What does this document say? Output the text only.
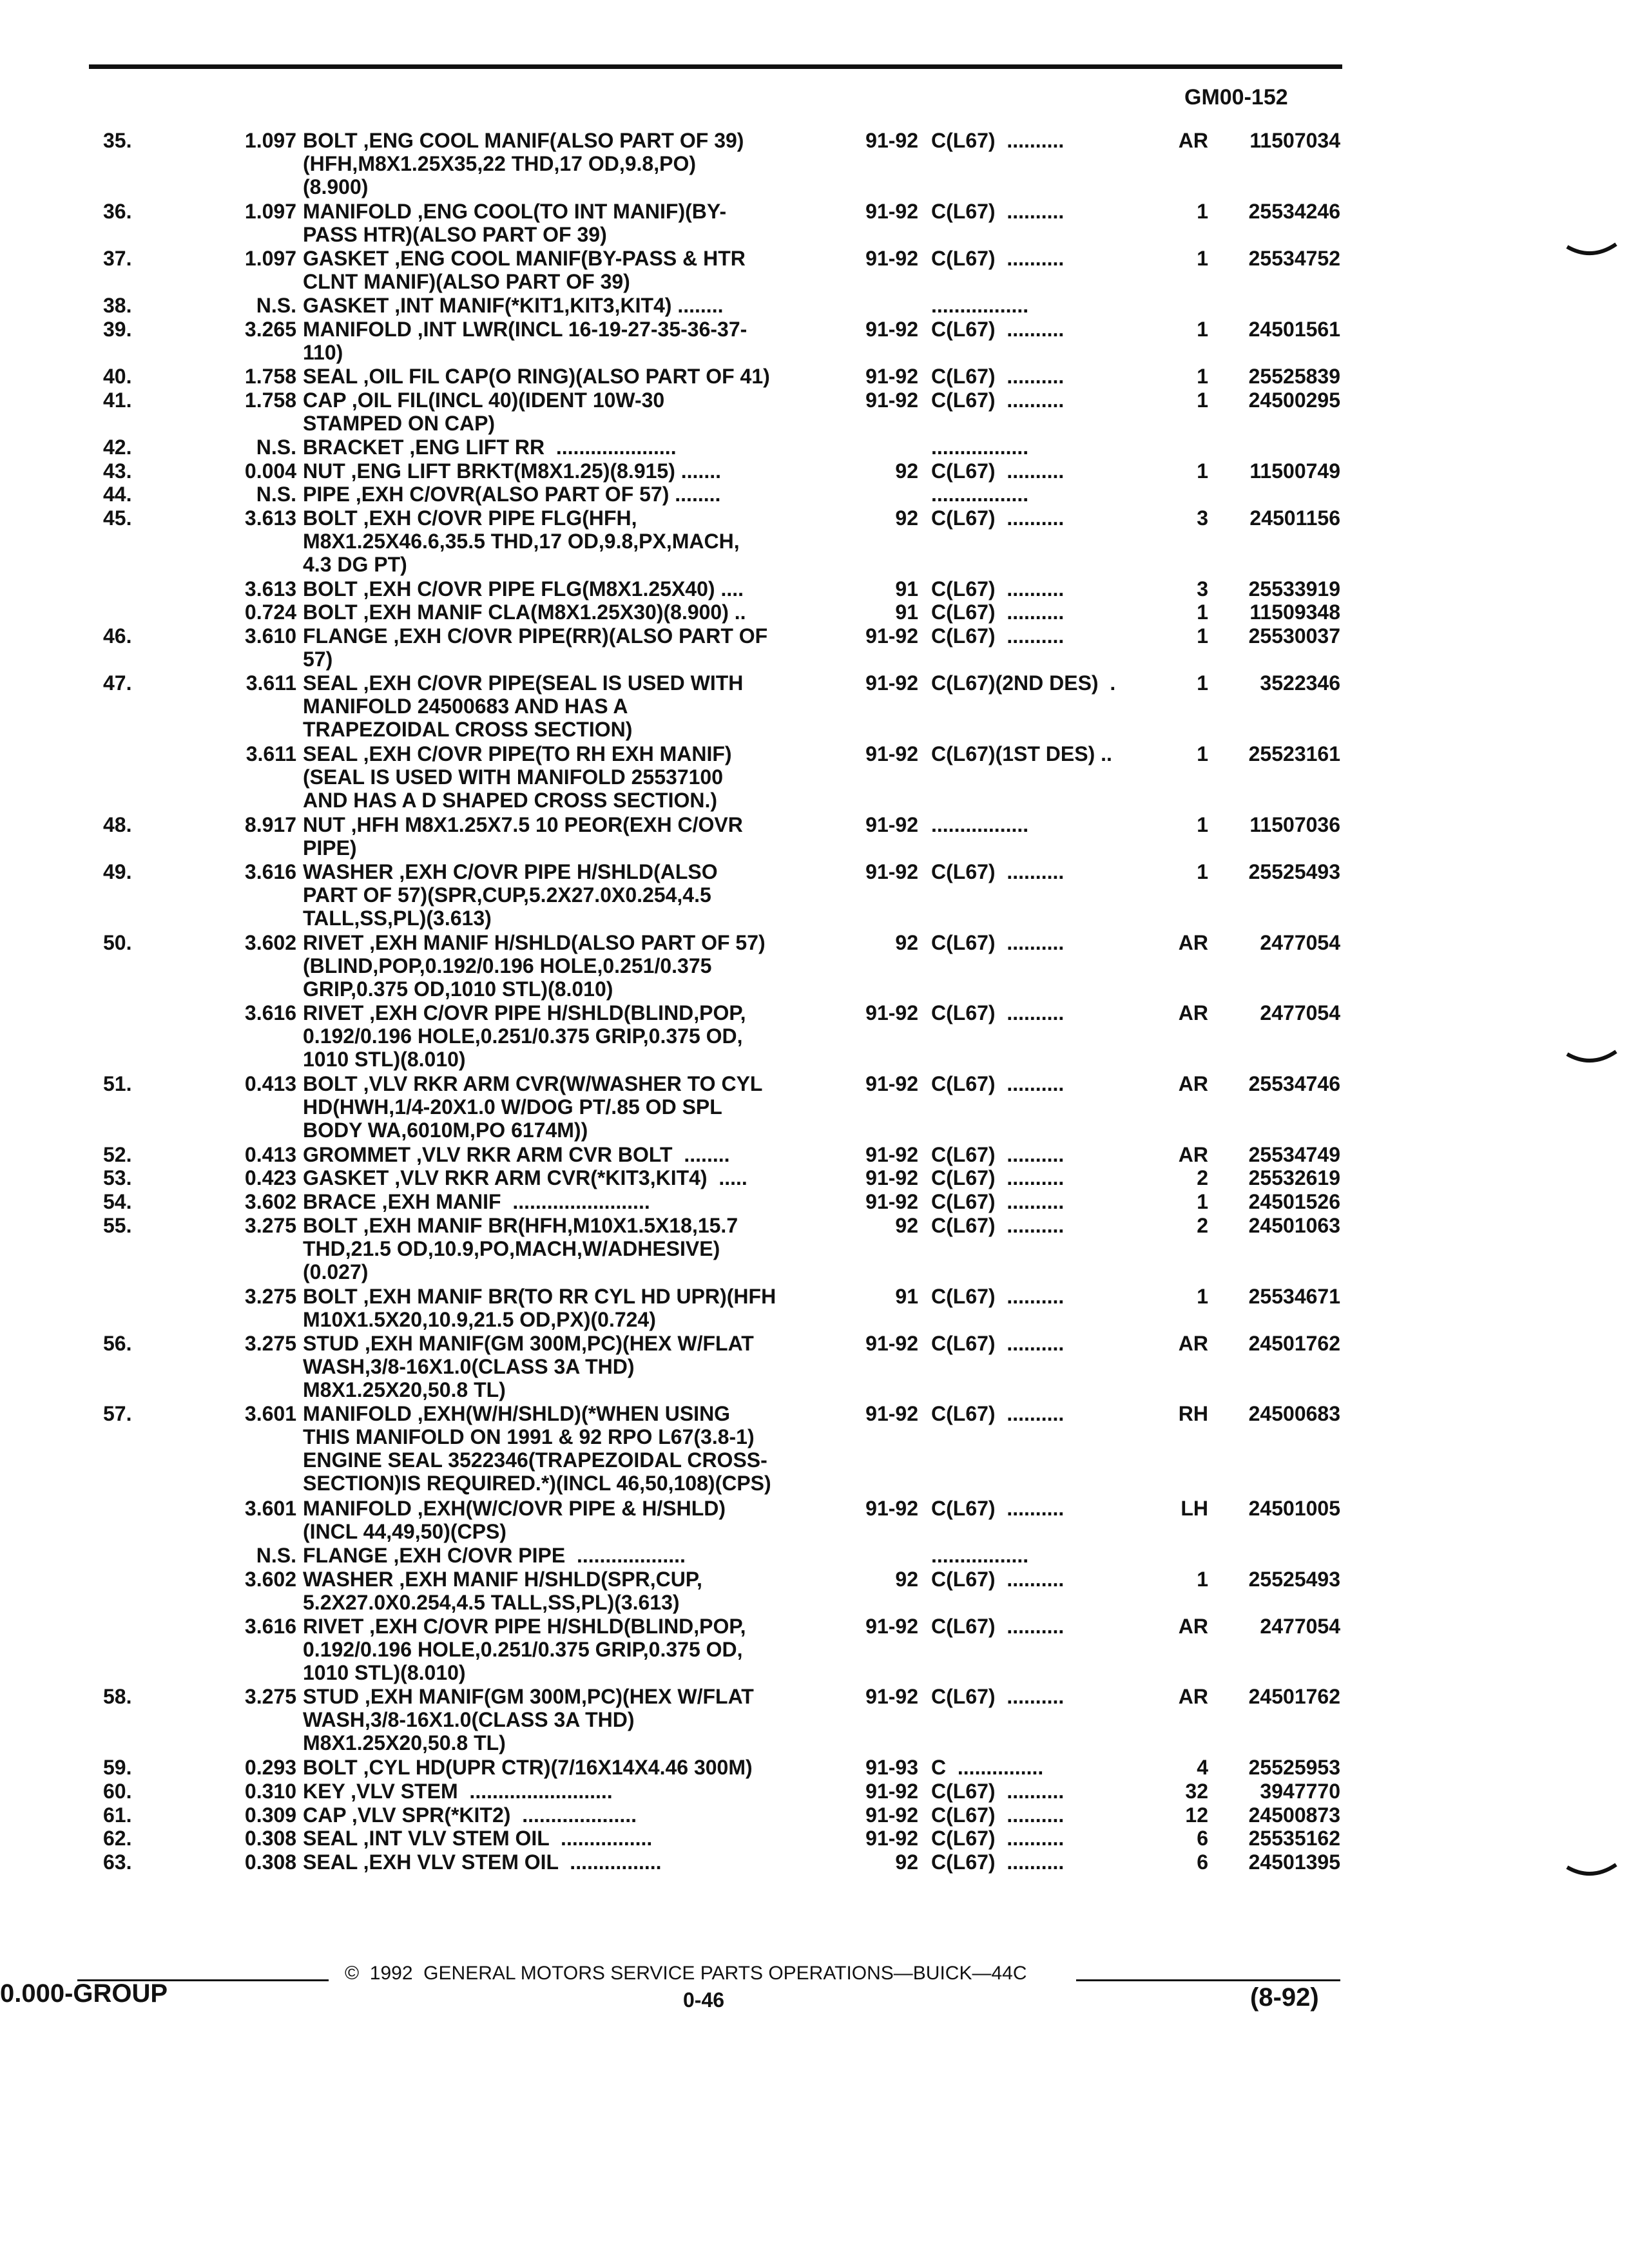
GM00-152
35.	1.097 BOLT ,ENG COOL MANIF(ALSO PART OF 39)
(HFH,M8X1.25X35,22 THD,17 OD,9.8,PO)
(8.900)
91-92 C(L67)  ..........	AR	11507034
36.	1.097 MANIFOLD ,ENG COOL(TO INT MANIF)(BY-
PASS HTR)(ALSO PART OF 39)
91-92 C(L67)  ..........	1	25534246
37.	1.097 GASKET ,ENG COOL MANIF(BY-PASS & HTR
CLNT MANIF)(ALSO PART OF 39)
91-92 C(L67)  ..........	1	25534752
38.	N.S. GASKET ,INT MANIF(*KIT1,KIT3,KIT4) ........	.................
39.	3.265 MANIFOLD ,INT LWR(INCL 16-19-27-35-36-37-
110)
91-92 C(L67)  ..........	1	24501561
40.	1.758 SEAL ,OIL FIL CAP(O RING)(ALSO PART OF 41)	91-92 C(L67)  ..........	1	25525839
41.	1.758 CAP ,OIL FIL(INCL 40)(IDENT 10W-30
STAMPED ON CAP)
91-92 C(L67)  ..........	1	24500295
42.	N.S. BRACKET ,ENG LIFT RR  .....................	.................
43.	0.004 NUT ,ENG LIFT BRKT(M8X1.25)(8.915) .......	92 C(L67)  ..........	1	11500749
44.	N.S. PIPE ,EXH C/OVR(ALSO PART OF 57) ........	.................
45.	3.613 BOLT ,EXH C/OVR PIPE FLG(HFH,
M8X1.25X46.6,35.5 THD,17 OD,9.8,PX,MACH,
4.3 DG PT)
92 C(L67)  ..........	3	24501156
3.613 BOLT ,EXH C/OVR PIPE FLG(M8X1.25X40) ....	91 C(L67)  ..........	3	25533919
0.724 BOLT ,EXH MANIF CLA(M8X1.25X30)(8.900) ..	91 C(L67)  ..........	1	11509348
46.	3.610 FLANGE ,EXH C/OVR PIPE(RR)(ALSO PART OF
57)
91-92 C(L67)  ..........	1	25530037
47.	3.611 SEAL ,EXH C/OVR PIPE(SEAL IS USED WITH
MANIFOLD 24500683 AND HAS A
TRAPEZOIDAL CROSS SECTION)
91-92 C(L67)(2ND DES)  .	1	3522346
3.611 SEAL ,EXH C/OVR PIPE(TO RH EXH MANIF)
(SEAL IS USED WITH MANIFOLD 25537100
AND HAS A D SHAPED CROSS SECTION.)
91-92 C(L67)(1ST DES) ..	1	25523161
48.	8.917 NUT ,HFH M8X1.25X7.5 10 PEOR(EXH C/OVR
PIPE)
91-92 .................	1	11507036
49.	3.616 WASHER ,EXH C/OVR PIPE H/SHLD(ALSO
PART OF 57)(SPR,CUP,5.2X27.0X0.254,4.5
TALL,SS,PL)(3.613)
91-92 C(L67)  ..........	1	25525493
50.	3.602 RIVET ,EXH MANIF H/SHLD(ALSO PART OF 57)
(BLIND,POP,0.192/0.196 HOLE,0.251/0.375
GRIP,0.375 OD,1010 STL)(8.010)
92 C(L67)  ..........	AR	2477054
3.616 RIVET ,EXH C/OVR PIPE H/SHLD(BLIND,POP,
0.192/0.196 HOLE,0.251/0.375 GRIP,0.375 OD,
1010 STL)(8.010)
91-92 C(L67)  ..........	AR	2477054
51.	0.413 BOLT ,VLV RKR ARM CVR(W/WASHER TO CYL
HD(HWH,1/4-20X1.0 W/DOG PT/.85 OD SPL
BODY WA,6010M,PO 6174M))
91-92 C(L67)  ..........	AR	25534746
52.	0.413 GROMMET ,VLV RKR ARM CVR BOLT  ........	91-92 C(L67)  ..........	AR	25534749
53.	0.423 GASKET ,VLV RKR ARM CVR(*KIT3,KIT4)  .....	91-92 C(L67)  ..........	2	25532619
54.	3.602 BRACE ,EXH MANIF  ........................	91-92 C(L67)  ..........	1	24501526
55.	3.275 BOLT ,EXH MANIF BR(HFH,M10X1.5X18,15.7
THD,21.5 OD,10.9,PO,MACH,W/ADHESIVE)
(0.027)
92 C(L67)  ..........	2	24501063
3.275 BOLT ,EXH MANIF BR(TO RR CYL HD UPR)(HFH
M10X1.5X20,10.9,21.5 OD,PX)(0.724)
91 C(L67)  ..........	1	25534671
56.	3.275 STUD ,EXH MANIF(GM 300M,PC)(HEX W/FLAT
WASH,3/8-16X1.0(CLASS 3A THD)
M8X1.25X20,50.8 TL)
91-92 C(L67)  ..........	AR	24501762
57.	3.601 MANIFOLD ,EXH(W/H/SHLD)(*WHEN USING
THIS MANIFOLD ON 1991 & 92 RPO L67(3.8-1)
ENGINE SEAL 3522346(TRAPEZOIDAL CROSS-
SECTION)IS REQUIRED.*)(INCL 46,50,108)(CPS)
91-92 C(L67)  ..........	RH	24500683
3.601 MANIFOLD ,EXH(W/C/OVR PIPE & H/SHLD)
(INCL 44,49,50)(CPS)
91-92 C(L67)  ..........	LH	24501005
N.S. FLANGE ,EXH C/OVR PIPE  ...................	.................
3.602 WASHER ,EXH MANIF H/SHLD(SPR,CUP,
5.2X27.0X0.254,4.5 TALL,SS,PL)(3.613)
92 C(L67)  ..........	1	25525493
3.616 RIVET ,EXH C/OVR PIPE H/SHLD(BLIND,POP,
0.192/0.196 HOLE,0.251/0.375 GRIP,0.375 OD,
1010 STL)(8.010)
91-92 C(L67)  ..........	AR	2477054
58.	3.275 STUD ,EXH MANIF(GM 300M,PC)(HEX W/FLAT
WASH,3/8-16X1.0(CLASS 3A THD)
M8X1.25X20,50.8 TL)
91-92 C(L67)  ..........	AR	24501762
59.	0.293 BOLT ,CYL HD(UPR CTR)(7/16X14X4.46 300M)	91-93 C  ...............	4	25525953
60.	0.310 KEY ,VLV STEM  .........................	91-92 C(L67)  ..........	32	3947770
61.	0.309 CAP ,VLV SPR(*KIT2)  ....................	91-92 C(L67)  ..........	12	24500873
62.	0.308 SEAL ,INT VLV STEM OIL  ................	91-92 C(L67)  ..........	6	25535162
63.	0.308 SEAL ,EXH VLV STEM OIL  ................	92 C(L67)  ..........	6	24501395
©  1992  GENERAL MOTORS SERVICE PARTS OPERATIONS—BUICK—44C
0.000-GROUP	0-46	(8-92)
